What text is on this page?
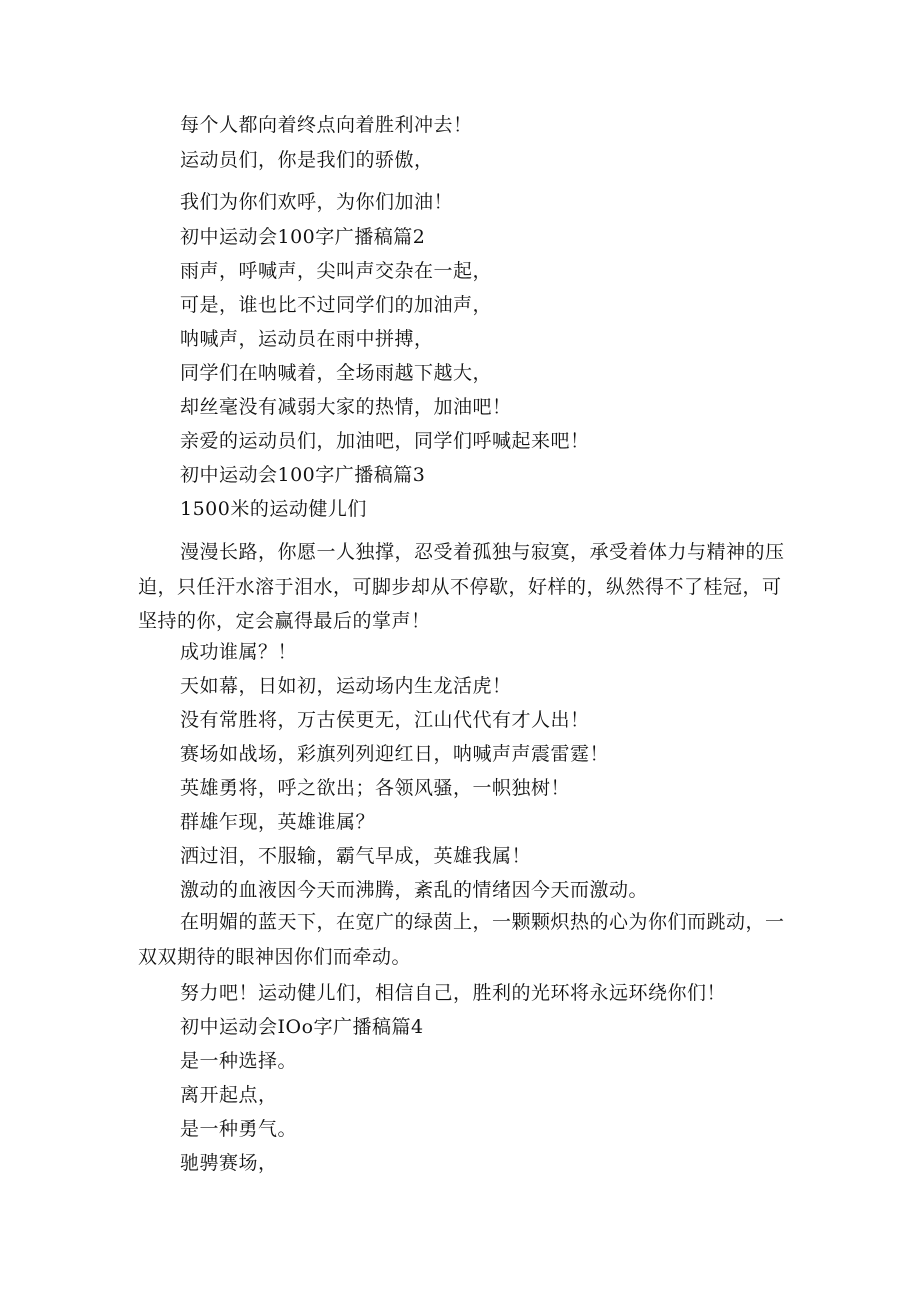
每个人都向着终点向着胜利冲去！
运动员们，你是我们的骄傲，
我们为你们欢呼，为你们加油！
初中运动会100字广播稿篇2
雨声，呼喊声，尖叫声交杂在一起，
可是，谁也比不过同学们的加油声，
呐喊声，运动员在雨中拼搏，
同学们在呐喊着，全场雨越下越大，
却丝毫没有减弱大家的热情，加油吧！
亲爱的运动员们，加油吧，同学们呼喊起来吧！
初中运动会100字广播稿篇3
1500米的运动健儿们
漫漫长路，你愿一人独撑，忍受着孤独与寂寞，承受着体力与精神的压迫，只任汗水溶于泪水，可脚步却从不停歇，好样的，纵然得不了桂冠，可坚持的你，定会赢得最后的掌声！
成功谁属？！
天如幕，日如初，运动场内生龙活虎！
没有常胜将，万古侯更无，江山代代有才人出！
赛场如战场，彩旗列列迎红日，呐喊声声震雷霆！
英雄勇将，呼之欲出；各领风骚，一帜独树！
群雄乍现，英雄谁属？
洒过泪，不服输，霸气早成，英雄我属！
激动的血液因今天而沸腾，紊乱的情绪因今天而激动。
在明媚的蓝天下，在宽广的绿茵上，一颗颗炽热的心为你们而跳动，一双双期待的眼神因你们而牵动。
努力吧！运动健儿们，相信自己，胜利的光环将永远环绕你们！
初中运动会IOo字广播稿篇4
是一种选择。
离开起点，
是一种勇气。
驰骋赛场，
